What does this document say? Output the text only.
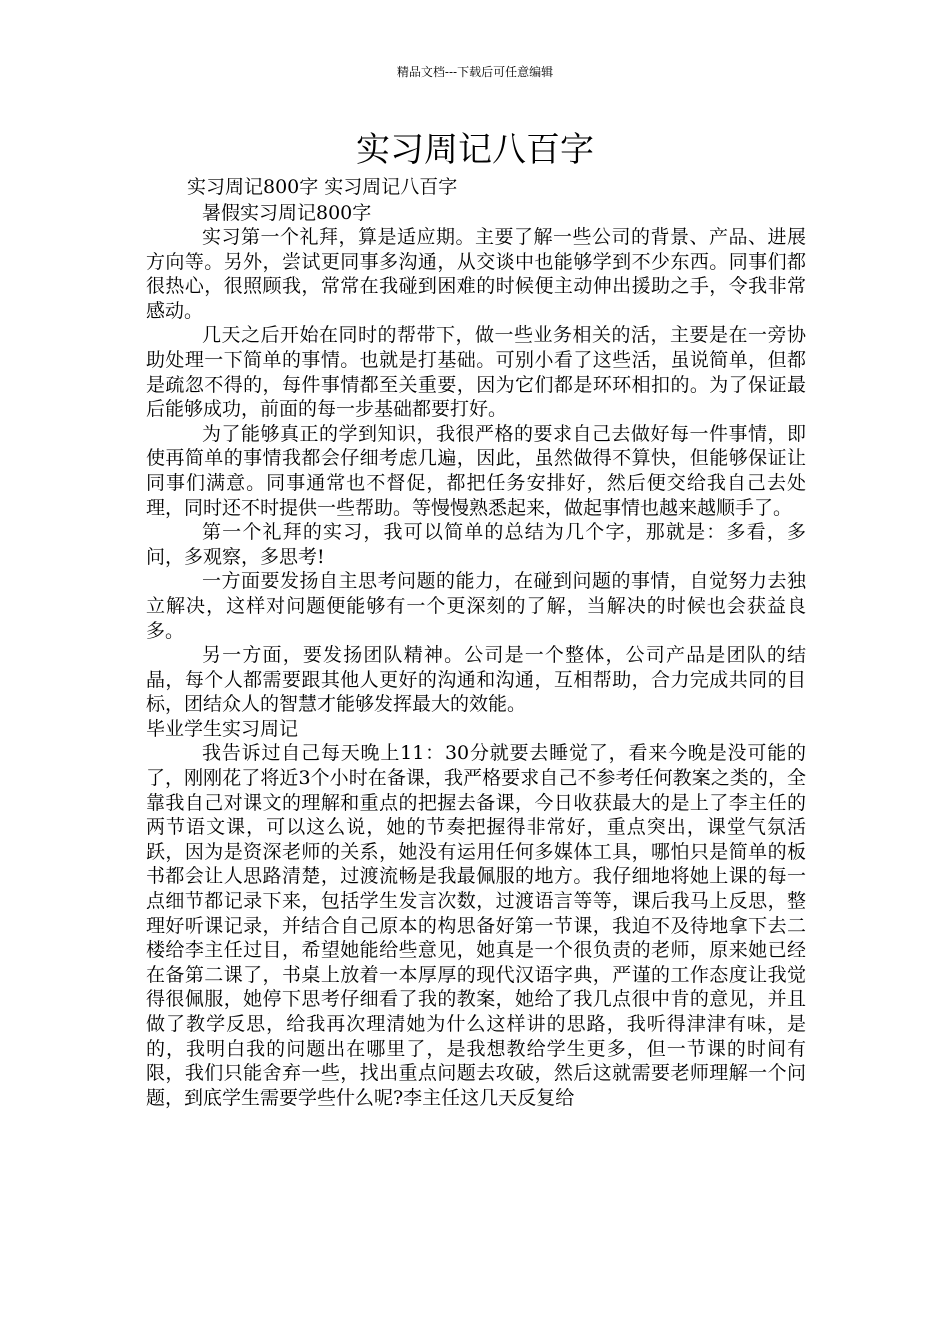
精品文档---下载后可任意编辑
实习周记八百字
实习周记800字 实习周记八百字
暑假实习周记800字

实习第一个礼拜，算是适应期。主要了解一些公司的背景、产品、进展方向等。另外，尝试更同事多沟通，从交谈中也能够学到不少东西。同事们都很热心，很照顾我，常常在我碰到困难的时候便主动伸出援助之手，令我非常感动。

几天之后开始在同时的帮带下，做一些业务相关的活，主要是在一旁协助处理一下简单的事情。也就是打基础。可别小看了这些活，虽说简单，但都是疏忽不得的，每件事情都至关重要，因为它们都是环环相扣的。为了保证最后能够成功，前面的每一步基础都要打好。

为了能够真正的学到知识，我很严格的要求自己去做好每一件事情，即使再简单的事情我都会仔细考虑几遍，因此，虽然做得不算快，但能够保证让同事们满意。同事通常也不督促，都把任务安排好，然后便交给我自己去处理，同时还不时提供一些帮助。等慢慢熟悉起来，做起事情也越来越顺手了。

第一个礼拜的实习，我可以简单的总结为几个字，那就是：多看，多问，多观察，多思考!

一方面要发扬自主思考问题的能力，在碰到问题的事情，自觉努力去独立解决，这样对问题便能够有一个更深刻的了解，当解决的时候也会获益良多。

另一方面，要发扬团队精神。公司是一个整体，公司产品是团队的结晶，每个人都需要跟其他人更好的沟通和沟通，互相帮助，合力完成共同的目标，团结众人的智慧才能够发挥最大的效能。

毕业学生实习周记

我告诉过自己每天晚上11：30分就要去睡觉了，看来今晚是没可能的了，刚刚花了将近3个小时在备课，我严格要求自己不参考任何教案之类的，全靠我自己对课文的理解和重点的把握去备课，今日收获最大的是上了李主任的两节语文课，可以这么说，她的节奏把握得非常好，重点突出，课堂气氛活跃，因为是资深老师的关系，她没有运用任何多媒体工具，哪怕只是简单的板书都会让人思路清楚，过渡流畅是我最佩服的地方。我仔细地将她上课的每一点细节都记录下来，包括学生发言次数，过渡语言等等，课后我马上反思，整理好听课记录，并结合自己原本的构思备好第一节课，我迫不及待地拿下去二楼给李主任过目，希望她能给些意见，她真是一个很负责的老师，原来她已经在备第二课了，书桌上放着一本厚厚的现代汉语字典，严谨的工作态度让我觉得很佩服，她停下思考仔细看了我的教案，她给了我几点很中肯的意见，并且做了教学反思，给我再次理清她为什么这样讲的思路，我听得津津有味，是的，我明白我的问题出在哪里了，是我想教给学生更多，但一节课的时间有限，我们只能舍弃一些，找出重点问题去攻破，然后这就需要老师理解一个问题，到底学生需要学些什么呢?李主任这几天反复给
